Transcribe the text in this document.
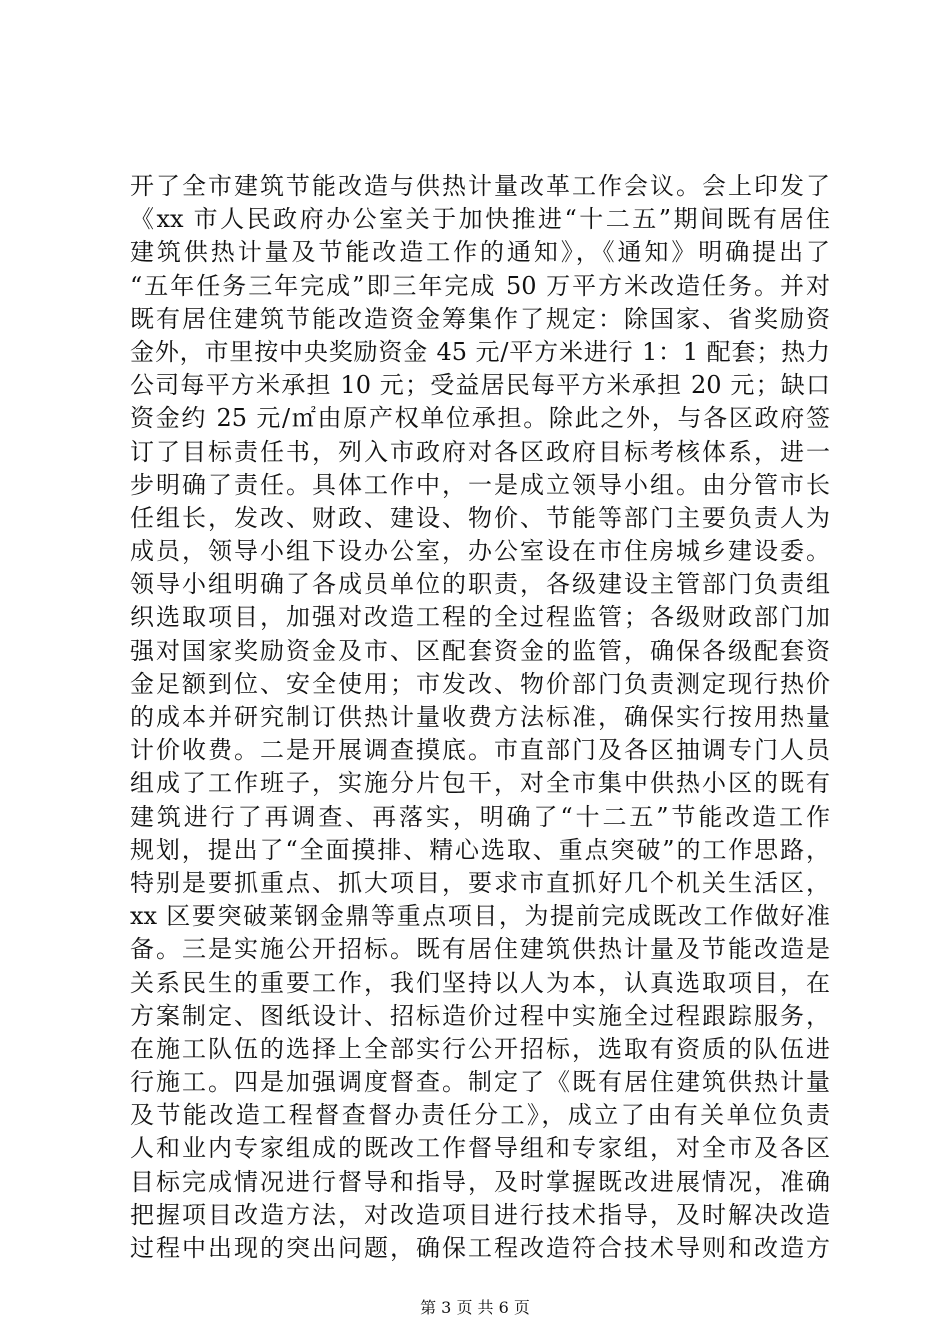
开了全市建筑节能改造与供热计量改革工作会议。会上印发了
《xx 市人民政府办公室关于加快推进“十二五”期间既有居住
建筑供热计量及节能改造工作的通知》，《通知》明确提出了
“五年任务三年完成”即三年完成 50 万平方米改造任务。并对
既有居住建筑节能改造资金筹集作了规定：除国家、省奖励资
金外，市里按中央奖励资金 45 元/平方米进行 1：1 配套；热力
公司每平方米承担 10 元；受益居民每平方米承担 20 元；缺口
资金约 25 元/㎡由原产权单位承担。除此之外，与各区政府签
订了目标责任书，列入市政府对各区政府目标考核体系，进一
步明确了责任。具体工作中，一是成立领导小组。由分管市长
任组长，发改、财政、建设、物价、节能等部门主要负责人为
成员，领导小组下设办公室，办公室设在市住房城乡建设委。
领导小组明确了各成员单位的职责，各级建设主管部门负责组
织选取项目，加强对改造工程的全过程监管；各级财政部门加
强对国家奖励资金及市、区配套资金的监管，确保各级配套资
金足额到位、安全使用；市发改、物价部门负责测定现行热价
的成本并研究制订供热计量收费方法标准，确保实行按用热量
计价收费。二是开展调查摸底。市直部门及各区抽调专门人员
组成了工作班子，实施分片包干，对全市集中供热小区的既有
建筑进行了再调查、再落实，明确了“十二五”节能改造工作
规划，提出了“全面摸排、精心选取、重点突破”的工作思路，
特别是要抓重点、抓大项目，要求市直抓好几个机关生活区，
xx 区要突破莱钢金鼎等重点项目，为提前完成既改工作做好准
备。三是实施公开招标。既有居住建筑供热计量及节能改造是
关系民生的重要工作，我们坚持以人为本，认真选取项目，在
方案制定、图纸设计、招标造价过程中实施全过程跟踪服务，
在施工队伍的选择上全部实行公开招标，选取有资质的队伍进
行施工。四是加强调度督查。制定了《既有居住建筑供热计量
及节能改造工程督查督办责任分工》，成立了由有关单位负责
人和业内专家组成的既改工作督导组和专家组，对全市及各区
目标完成情况进行督导和指导，及时掌握既改进展情况，准确
把握项目改造方法，对改造项目进行技术指导，及时解决改造
过程中出现的突出问题，确保工程改造符合技术导则和改造方
第 3 页 共 6 页
